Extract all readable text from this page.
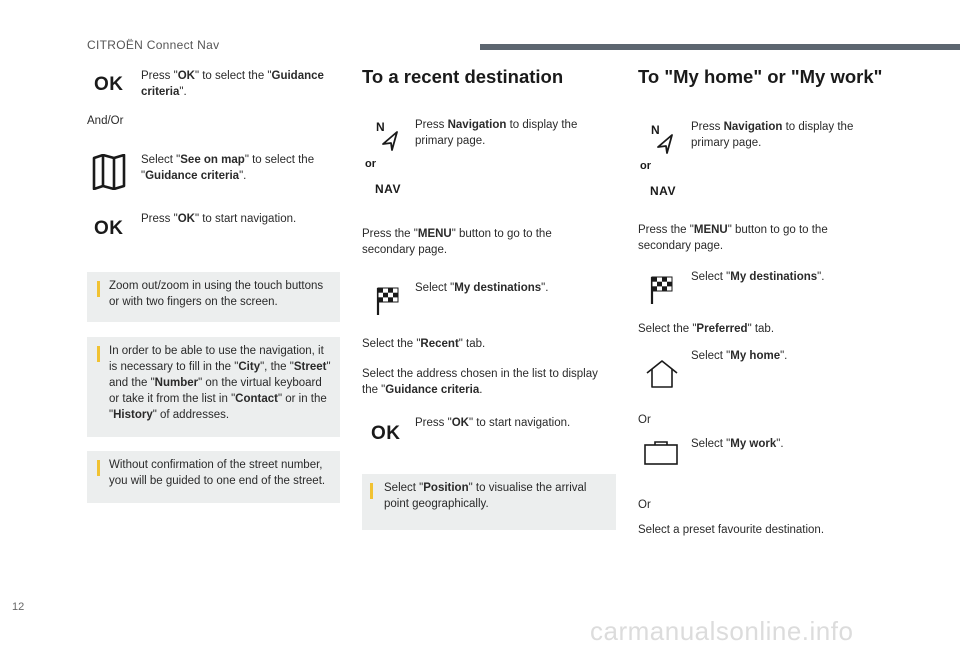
CITROËN Connect Nav
OK Press "OK" to select the "Guidance criteria".
And/Or
Select "See on map" to select the "Guidance criteria".
OK Press "OK" to start navigation.
Zoom out/zoom in using the touch buttons or with two fingers on the screen.
In order to be able to use the navigation, it is necessary to fill in the "City", the "Street" and the "Number" on the virtual keyboard or take it from the list in "Contact" or in the "History" of addresses.
Without confirmation of the street number, you will be guided to one end of the street.
To a recent destination
N
or
NAV
Press Navigation to display the primary page.
Press the "MENU" button to go to the secondary page.
Select "My destinations".
Select the "Recent" tab.
Select the address chosen in the list to display the "Guidance criteria.
OK Press "OK" to start navigation.
Select "Position" to visualise the arrival point geographically.
To "My home" or "My work"
N
or
NAV
Press Navigation to display the primary page.
Press the "MENU" button to go to the secondary page.
Select "My destinations".
Select the "Preferred" tab.
Select "My home".
Or
Select "My work".
Or
Select a preset favourite destination.
12
carmanualsonline.info
